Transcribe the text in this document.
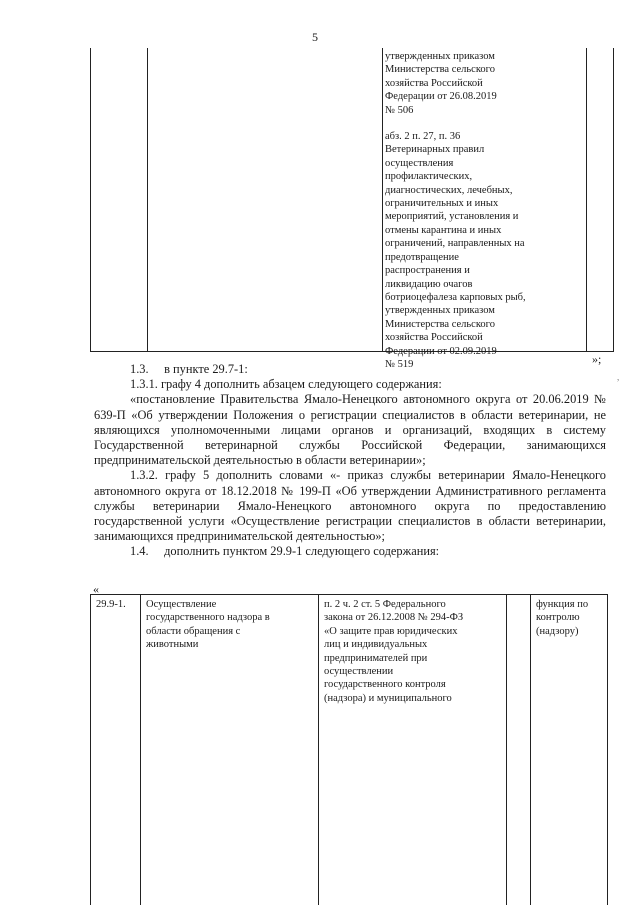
5

утвержденных приказом
Министерства сельского
хозяйства Российской
Федерации от 26.08.2019
№ 506

абз. 2 п. 27, п. 36
Ветеринарных правил
осуществления
профилактических,
диагностических, лечебных,
ограничительных и иных
мероприятий, установления и
отмены карантина и иных
ограничений, направленных на
предотвращение
распространения и
ликвидацию очагов
ботриоцефалеза карповых рыб,
утвержденных приказом
Министерства сельского
хозяйства Российской
Федерации от 02.09.2019
№ 519	»;
,

1.3.  в пункте 29.7-1:

1.3.1. графу 4 дополнить абзацем следующего содержания:

«постановление Правительства Ямало-Ненецкого автономного округа от 20.06.2019 № 639-П «Об утверждении Положения о регистрации специалистов в области ветеринарии, не являющихся уполномоченными лицами органов и организаций, входящих в систему Государственной ветеринарной службы Российской Федерации, занимающихся предпринимательской деятельностью в области ветеринарии»;

1.3.2. графу 5 дополнить словами «- приказ службы ветеринарии Ямало-Ненецкого автономного округа от 18.12.2018 № 199-П «Об утверждении Административного регламента службы ветеринарии Ямало-Ненецкого автономного округа по предоставлению государственной услуги «Осуществление регистрации специалистов в области ветеринарии, занимающихся предпринимательской деятельностью»;

1.4.  дополнить пунктом 29.9-1 следующего содержания:

«
29.9-1.	Осуществление
государственного надзора в
области обращения с
животными
п. 2 ч. 2 ст. 5 Федерального
закона от 26.12.2008 № 294-ФЗ
«О защите прав юридических
лиц и индивидуальных
предпринимателей при
осуществлении
государственного контроля
(надзора) и муниципального
функция по
контролю
(надзору)
